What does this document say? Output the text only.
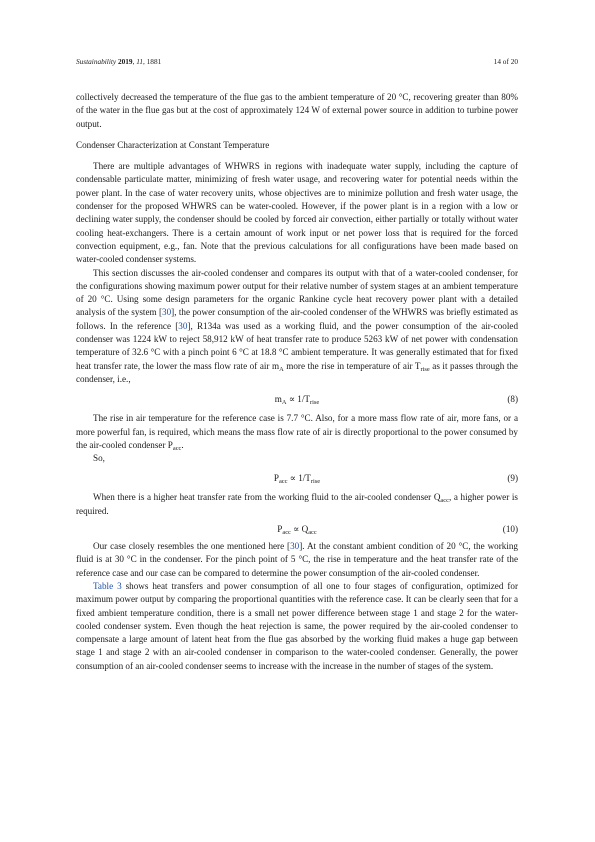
Sustainability 2019, 11, 1881	14 of 20

collectively decreased the temperature of the flue gas to the ambient temperature of 20 °C, recovering greater than 80% of the water in the flue gas but at the cost of approximately 124 W of external power source in addition to turbine power output.

Condenser Characterization at Constant Temperature

There are multiple advantages of WHWRS in regions with inadequate water supply, including the capture of condensable particulate matter, minimizing of fresh water usage, and recovering water for potential needs within the power plant. In the case of water recovery units, whose objectives are to minimize pollution and fresh water usage, the condenser for the proposed WHWRS can be water-cooled. However, if the power plant is in a region with a low or declining water supply, the condenser should be cooled by forced air convection, either partially or totally without water cooling heat-exchangers. There is a certain amount of work input or net power loss that is required for the forced convection equipment, e.g., fan. Note that the previous calculations for all configurations have been made based on water-cooled condenser systems.

This section discusses the air-cooled condenser and compares its output with that of a water-cooled condenser, for the configurations showing maximum power output for their relative number of system stages at an ambient temperature of 20 °C. Using some design parameters for the organic Rankine cycle heat recovery power plant with a detailed analysis of the system [30], the power consumption of the air-cooled condenser of the WHWRS was briefly estimated as follows. In the reference [30], R134a was used as a working fluid, and the power consumption of the air-cooled condenser was 1224 kW to reject 58,912 kW of heat transfer rate to produce 5263 kW of net power with condensation temperature of 32.6 °C with a pinch point 6 °C at 18.8 °C ambient temperature. It was generally estimated that for fixed heat transfer rate, the lower the mass flow rate of air $m_A$ more the rise in temperature of air $T_{rise}$ as it passes through the condenser, i.e.,

$m_A \propto 1/T_{rise}$	(8)

The rise in air temperature for the reference case is 7.7 °C. Also, for a more mass flow rate of air, more fans, or a more powerful fan, is required, which means the mass flow rate of air is directly proportional to the power consumed by the air-cooled condenser $P_{acc}$.

So,

$P_{acc} \propto 1/T_{rise}$	(9)

When there is a higher heat transfer rate from the working fluid to the air-cooled condenser $Q_{acc}$, a higher power is required.

$P_{acc} \propto Q_{acc}$	(10)

Our case closely resembles the one mentioned here [30]. At the constant ambient condition of 20 °C, the working fluid is at 30 °C in the condenser. For the pinch point of 5 °C, the rise in temperature and the heat transfer rate of the reference case and our case can be compared to determine the power consumption of the air-cooled condenser.

Table 3 shows heat transfers and power consumption of all one to four stages of configuration, optimized for maximum power output by comparing the proportional quantities with the reference case. It can be clearly seen that for a fixed ambient temperature condition, there is a small net power difference between stage 1 and stage 2 for the water-cooled condenser system. Even though the heat rejection is same, the power required by the air-cooled condenser to compensate a large amount of latent heat from the flue gas absorbed by the working fluid makes a huge gap between stage 1 and stage 2 with an air-cooled condenser in comparison to the water-cooled condenser. Generally, the power consumption of an air-cooled condenser seems to increase with the increase in the number of stages of the system.
